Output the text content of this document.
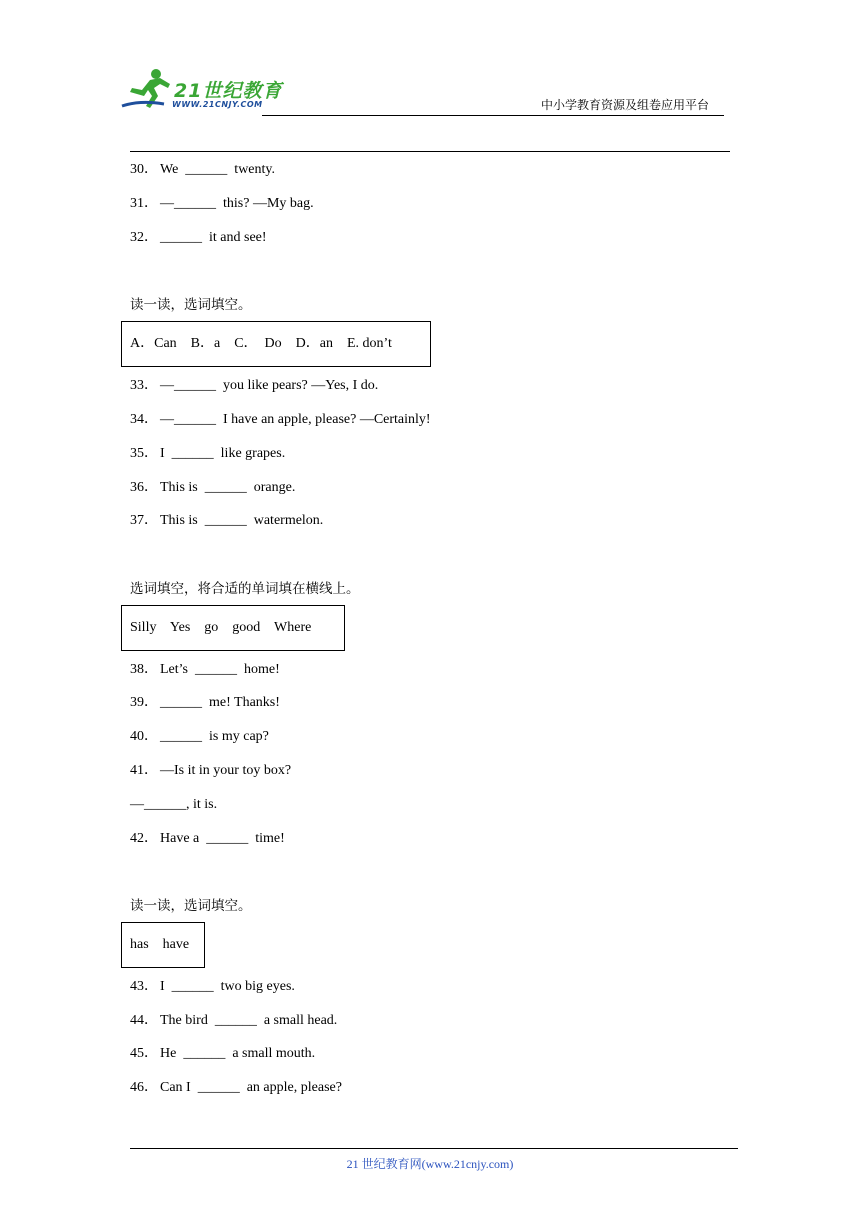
21世纪教育
WWW.21CNJY.COM	中小学教育资源及组卷应用平台
30． We  ______  twenty.
31． —______  this? —My bag.
32． ______  it and see!
读一读，选词填空。
A．Can    B．a    C．  Do    D．an    E. don’t
33． —______  you like pears? —Yes, I do.
34． —______  I have an apple, please? —Certainly!
35． I  ______  like grapes.
36． This is  ______  orange.
37． This is  ______  watermelon.
选词填空，将合适的单词填在横线上。
Silly    Yes    go    good    Where
38． Let’s  ______  home!
39． ______  me! Thanks!
40． ______  is my cap?
41． —Is it in your toy box?
—______, it is.
42． Have a  ______  time!
读一读，选词填空。
has    have
43． I  ______  two big eyes.
44． The bird  ______  a small head.
45． He  ______  a small mouth.
46． Can I  ______  an apple, please?
21 世纪教育网(www.21cnjy.com)
